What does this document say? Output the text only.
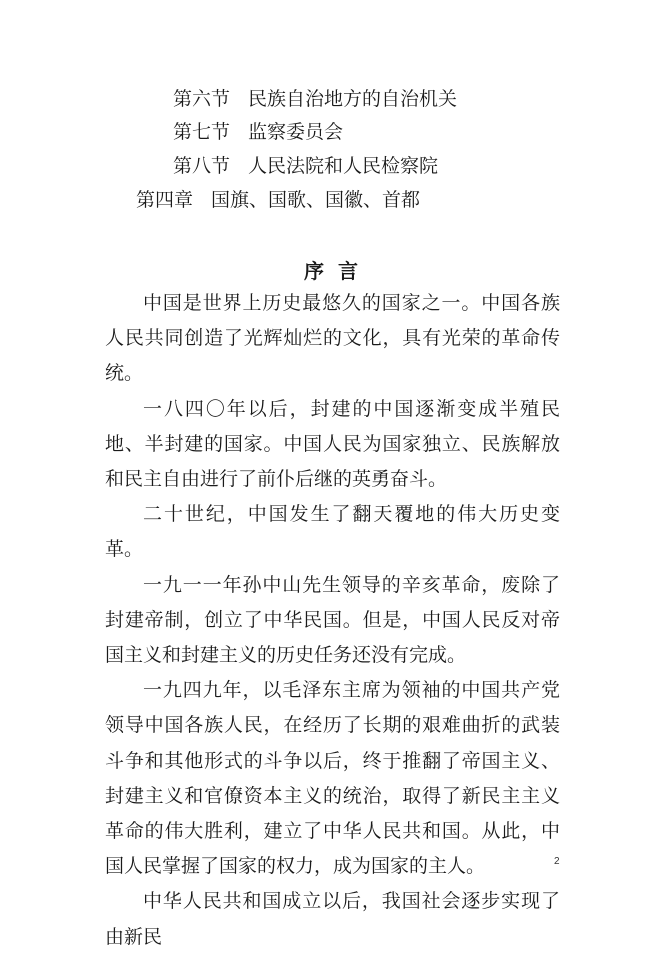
第六节 民族自治地方的自治机关
第七节 监察委员会
第八节 人民法院和人民检察院
第四章 国旗、国歌、国徽、首都
序言

中国是世界上历史最悠久的国家之一。中国各族人民共同创造了光辉灿烂的文化，具有光荣的革命传统。

一八四〇年以后，封建的中国逐渐变成半殖民地、半封建的国家。中国人民为国家独立、民族解放和民主自由进行了前仆后继的英勇奋斗。

二十世纪，中国发生了翻天覆地的伟大历史变革。

一九一一年孙中山先生领导的辛亥革命，废除了封建帝制，创立了中华民国。但是，中国人民反对帝国主义和封建主义的历史任务还没有完成。

一九四九年，以毛泽东主席为领袖的中国共产党领导中国各族人民，在经历了长期的艰难曲折的武装斗争和其他形式的斗争以后，终于推翻了帝国主义、封建主义和官僚资本主义的统治，取得了新民主主义革命的伟大胜利，建立了中华人民共和国。从此，中国人民掌握了国家的权力，成为国家的主人。

中华人民共和国成立以后，我国社会逐步实现了由新民

2
